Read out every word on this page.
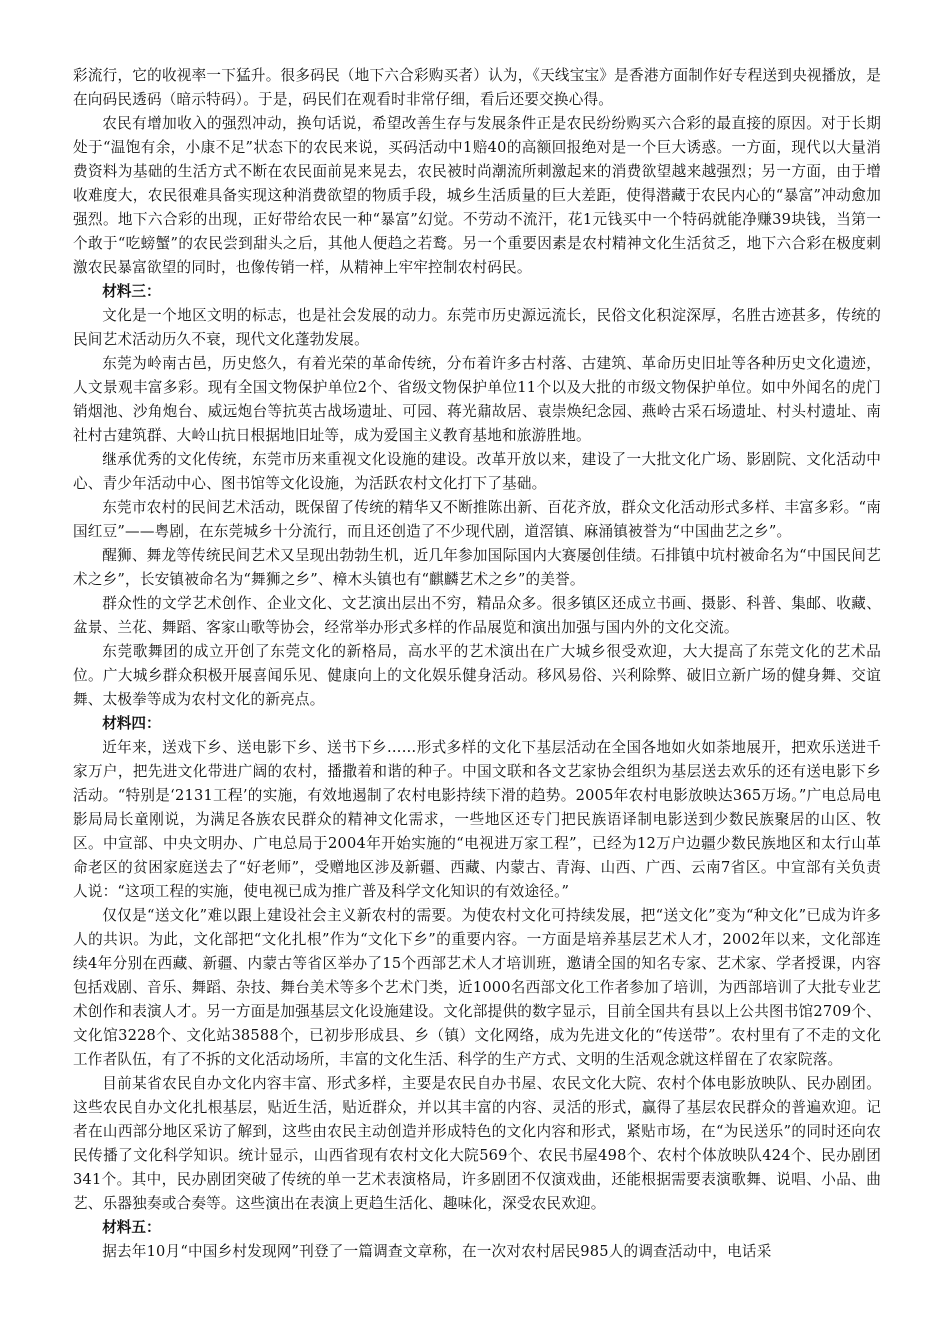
彩流行，它的收视率一下猛升。很多码民（地下六合彩购买者）认为，《天线宝宝》是香港方面制作好专程送到央视播放，是在向码民透码（暗示特码）。于是，码民们在观看时非常仔细，看后还要交换心得。

农民有增加收入的强烈冲动，换句话说，希望改善生存与发展条件正是农民纷纷购买六合彩的最直接的原因。对于长期处于“温饱有余，小康不足”状态下的农民来说，买码活动中1赔40的高额回报绝对是一个巨大诱惑。一方面，现代以大量消费资料为基础的生活方式不断在农民面前晃来晃去，农民被时尚潮流所刺激起来的消费欲望越来越强烈；另一方面，由于增收难度大，农民很难具备实现这种消费欲望的物质手段，城乡生活质量的巨大差距，使得潜藏于农民内心的“暴富”冲动愈加强烈。地下六合彩的出现，正好带给农民一种“暴富”幻觉。不劳动不流汗，花1元钱买中一个特码就能净赚39块钱，当第一个敢于“吃螃蟹”的农民尝到甜头之后，其他人便趋之若鹜。另一个重要因素是农村精神文化生活贫乏，地下六合彩在极度刺激农民暴富欲望的同时，也像传销一样，从精神上牢牢控制农村码民。

材料三：

文化是一个地区文明的标志，也是社会发展的动力。东莞市历史源远流长，民俗文化积淀深厚，名胜古迹甚多，传统的民间艺术活动历久不衰，现代文化蓬勃发展。

东莞为岭南古邑，历史悠久，有着光荣的革命传统，分布着许多古村落、古建筑、革命历史旧址等各种历史文化遗迹，人文景观丰富多彩。现有全国文物保护单位2个、省级文物保护单位11个以及大批的市级文物保护单位。如中外闻名的虎门销烟池、沙角炮台、威远炮台等抗英古战场遗址、可园、蒋光鼐故居、袁崇焕纪念园、燕岭古采石场遗址、村头村遗址、南社村古建筑群、大岭山抗日根据地旧址等，成为爱国主义教育基地和旅游胜地。

继承优秀的文化传统，东莞市历来重视文化设施的建设。改革开放以来，建设了一大批文化广场、影剧院、文化活动中心、青少年活动中心、图书馆等文化设施，为活跃农村文化打下了基础。

东莞市农村的民间艺术活动，既保留了传统的精华又不断推陈出新、百花齐放，群众文化活动形式多样、丰富多彩。“南国红豆”——粤剧，在东莞城乡十分流行，而且还创造了不少现代剧，道滘镇、麻涌镇被誉为“中国曲艺之乡”。

醒狮、舞龙等传统民间艺术又呈现出勃勃生机，近几年参加国际国内大赛屡创佳绩。石排镇中坑村被命名为“中国民间艺术之乡”，长安镇被命名为“舞狮之乡”、樟木头镇也有“麒麟艺术之乡”的美誉。

群众性的文学艺术创作、企业文化、文艺演出层出不穷，精品众多。很多镇区还成立书画、摄影、科普、集邮、收藏、盆景、兰花、舞蹈、客家山歌等协会，经常举办形式多样的作品展览和演出加强与国内外的文化交流。

东莞歌舞团的成立开创了东莞文化的新格局，高水平的艺术演出在广大城乡很受欢迎，大大提高了东莞文化的艺术品位。广大城乡群众积极开展喜闻乐见、健康向上的文化娱乐健身活动。移风易俗、兴利除弊、破旧立新广场的健身舞、交谊舞、太极拳等成为农村文化的新亮点。

材料四：

近年来，送戏下乡、送电影下乡、送书下乡……形式多样的文化下基层活动在全国各地如火如荼地展开，把欢乐送进千家万户，把先进文化带进广阔的农村，播撒着和谐的种子。中国文联和各文艺家协会组织为基层送去欢乐的还有送电影下乡活动。“特别是‘2131工程’的实施，有效地遏制了农村电影持续下滑的趋势。2005年农村电影放映达365万场。”广电总局电影局局长童刚说，为满足各族农民群众的精神文化需求，一些地区还专门把民族语译制电影送到少数民族聚居的山区、牧区。中宣部、中央文明办、广电总局于2004年开始实施的“电视进万家工程”，已经为12万户边疆少数民族地区和太行山革命老区的贫困家庭送去了“好老师”，受赠地区涉及新疆、西藏、内蒙古、青海、山西、广西、云南7省区。中宣部有关负责人说：“这项工程的实施，使电视已成为推广普及科学文化知识的有效途径。”

仅仅是“送文化”难以跟上建设社会主义新农村的需要。为使农村文化可持续发展，把“送文化”变为“种文化”已成为许多人的共识。为此，文化部把“文化扎根”作为“文化下乡”的重要内容。一方面是培养基层艺术人才，2002年以来，文化部连续4年分别在西藏、新疆、内蒙古等省区举办了15个西部艺术人才培训班，邀请全国的知名专家、艺术家、学者授课，内容包括戏剧、音乐、舞蹈、杂技、舞台美术等多个艺术门类，近1000名西部文化工作者参加了培训，为西部培训了大批专业艺术创作和表演人才。另一方面是加强基层文化设施建设。文化部提供的数字显示，目前全国共有县以上公共图书馆2709个、文化馆3228个、文化站38588个，已初步形成县、乡（镇）文化网络，成为先进文化的“传送带”。农村里有了不走的文化工作者队伍，有了不拆的文化活动场所，丰富的文化生活、科学的生产方式、文明的生活观念就这样留在了农家院落。

目前某省农民自办文化内容丰富、形式多样，主要是农民自办书屋、农民文化大院、农村个体电影放映队、民办剧团。这些农民自办文化扎根基层，贴近生活，贴近群众，并以其丰富的内容、灵活的形式，赢得了基层农民群众的普遍欢迎。记者在山西部分地区采访了解到，这些由农民主动创造并形成特色的文化内容和形式，紧贴市场，在“为民送乐”的同时还向农民传播了文化科学知识。统计显示，山西省现有农村文化大院569个、农民书屋498个、农村个体放映队424个、民办剧团341个。其中，民办剧团突破了传统的单一艺术表演格局，许多剧团不仅演戏曲，还能根据需要表演歌舞、说唱、小品、曲艺、乐器独奏或合奏等。这些演出在表演上更趋生活化、趣味化，深受农民欢迎。

材料五：

据去年10月“中国乡村发现网”刊登了一篇调查文章称，在一次对农村居民985人的调查活动中，电话采
